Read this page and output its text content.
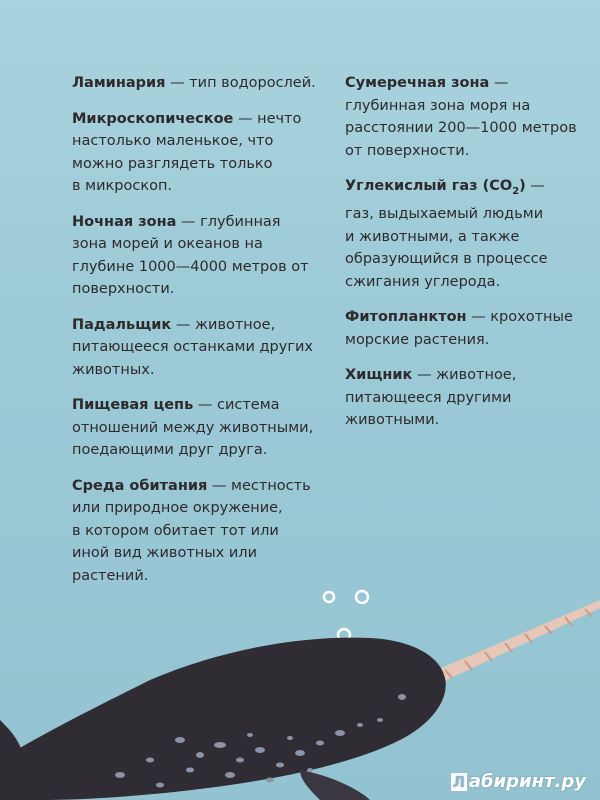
Ламинария — тип водорослей.
Микроскопическое — нечто
настолько маленькое, что
можно разглядеть только
в микроскоп.
Ночная зона — глубинная
зона морей и океанов на
глубине 1000—4000 метров от
поверхности.
Падальщик — животное,
питающееся останками других
животных.
Пищевая цепь — система
отношений между животными,
поедающими друг друга.
Среда обитания — местность
или природное окружение,
в котором обитает тот или
иной вид животных или
растений.
Сумеречная зона —
глубинная зона моря на
расстоянии 200—1000 метров
от поверхности.
Углекислый газ $(CO_2)$ —
газ, выдыхаемый людьми
и животными, а также
образующийся в процессе
сжигания углерода.
Фитопланктон — крохотные
морские растения.
Хищник — животное,
питающееся другими
животными.
Л абиринт.ру
